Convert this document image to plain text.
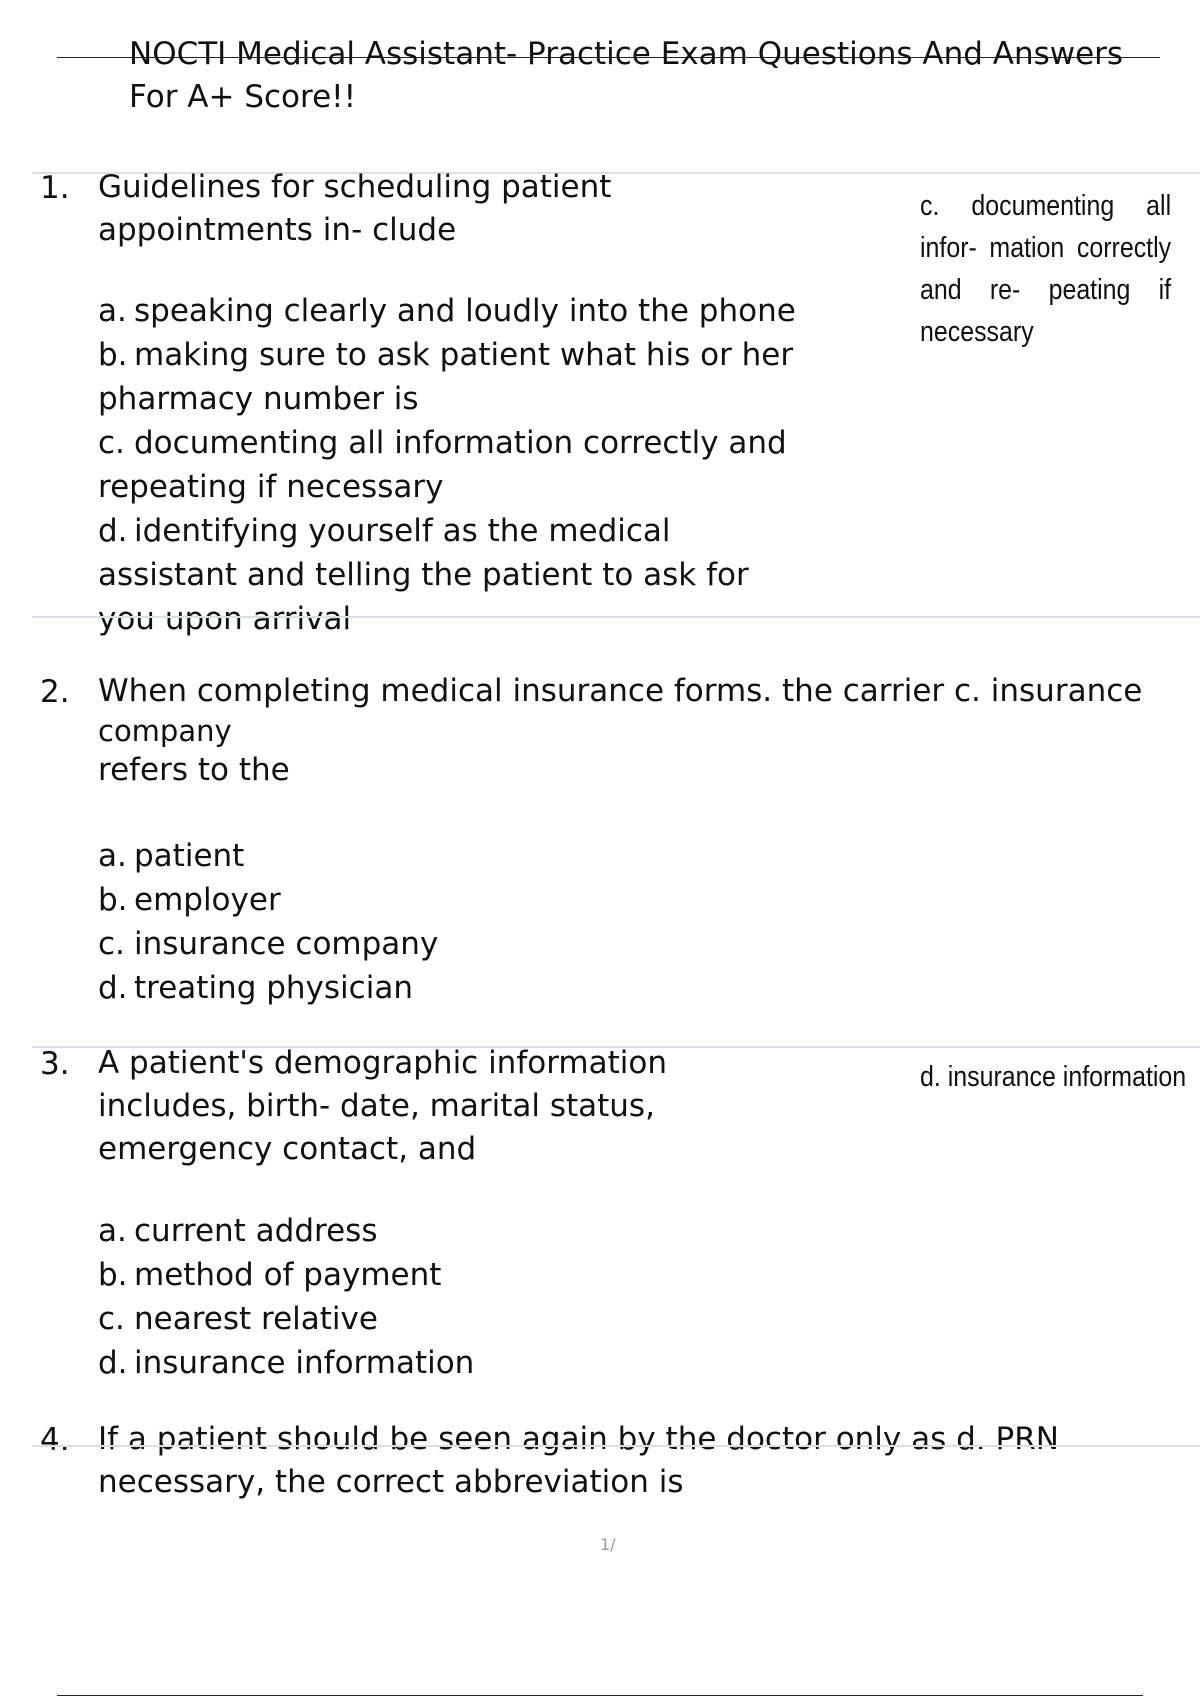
NOCTI Medical Assistant- Practice Exam Questions And Answers
For A+ Score!!
1. Guidelines for scheduling patient
appointments in- clude
c. documenting all infor- mation correctly and re- peating if necessary
a. speaking clearly and loudly into the phone
b. making sure to ask patient what his or her
pharmacy number is
c. documenting all information correctly and
repeating if necessary
d. identifying yourself as the medical
assistant and telling the patient to ask for
you upon arrival
2. When completing medical insurance forms. the carrier c. insurance
company
refers to the
a. patient
b. employer
c. insurance company
d. treating physician
3. A patient's demographic information
includes, birth- date, marital status,
emergency contact, and
d. insurance information
a. current address
b. method of payment
c. nearest relative
d. insurance information
4. If a patient should be seen again by the doctor only as d. PRN
necessary, the correct abbreviation is
1/
